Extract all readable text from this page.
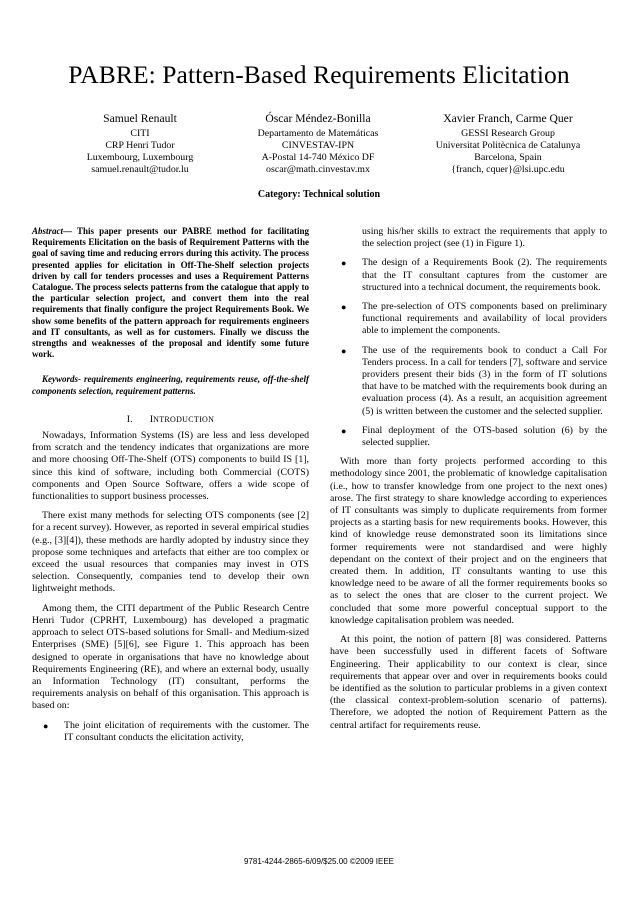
PABRE: Pattern-Based Requirements Elicitation
Samuel Renault
CITI
CRP Henri Tudor
Luxembourg, Luxembourg
samuel.renault@tudor.lu
Óscar Méndez-Bonilla
Departamento de Matemáticas
CINVESTAV-IPN
A-Postal 14-740 México DF
oscar@math.cinvestav.mx
Xavier Franch, Carme Quer
GESSI Research Group
Universitat Politècnica de Catalunya
Barcelona, Spain
{franch, cquer}@lsi.upc.edu
Category: Technical solution

Abstract— This paper presents our PABRE method for facilitating Requirements Elicitation on the basis of Requirement Patterns with the goal of saving time and reducing errors during this activity. The process presented applies for elicitation in Off-The-Shelf selection projects driven by call for tenders processes and uses a Requirement Patterns Catalogue. The process selects patterns from the catalogue that apply to the particular selection project, and convert them into the real requirements that finally configure the project Requirements Book. We show some benefits of the pattern approach for requirements engineers and IT consultants, as well as for customers. Finally we discuss the strengths and weaknesses of the proposal and identify some future work.

Keywords- requirements engineering, requirements reuse, off-the-shelf components selection, requirement patterns.

I. INTRODUCTION

Nowadays, Information Systems (IS) are less and less developed from scratch and the tendency indicates that organizations are more and more choosing Off-The-Shelf (OTS) components to build IS [1], since this kind of software, including both Commercial (COTS) components and Open Source Software, offers a wide scope of functionalities to support business processes.

There exist many methods for selecting OTS components (see [2] for a recent survey). However, as reported in several empirical studies (e.g., [3][4]), these methods are hardly adopted by industry since they propose some techniques and artefacts that either are too complex or exceed the usual resources that companies may invest in OTS selection. Consequently, companies tend to develop their own lightweight methods.

Among them, the CITI department of the Public Research Centre Henri Tudor (CPRHT, Luxembourg) has developed a pragmatic approach to select OTS-based solutions for Small- and Medium-sized Enterprises (SME) [5][6], see Figure 1. This approach has been designed to operate in organisations that have no knowledge about Requirements Engineering (RE), and where an external body, usually an Information Technology (IT) consultant, performs the requirements analysis on behalf of this organisation. This approach is based on:

● The joint elicitation of requirements with the customer. The IT consultant conducts the elicitation activity,
using his/her skills to extract the requirements that apply to the selection project (see (1) in Figure 1).
● The design of a Requirements Book (2). The requirements that the IT consultant captures from the customer are structured into a technical document, the requirements book.
● The pre-selection of OTS components based on preliminary functional requirements and availability of local providers able to implement the components.
● The use of the requirements book to conduct a Call For Tenders process. In a call for tenders [7], software and service providers present their bids (3) in the form of IT solutions that have to be matched with the requirements book during an evaluation process (4). As a result, an acquisition agreement (5) is written between the customer and the selected supplier.
● Final deployment of the OTS-based solution (6) by the selected supplier.

With more than forty projects performed according to this methodology since 2001, the problematic of knowledge capitalisation (i.e., how to transfer knowledge from one project to the next ones) arose. The first strategy to share knowledge according to experiences of IT consultants was simply to duplicate requirements from former projects as a starting basis for new requirements books. However, this kind of knowledge reuse demonstrated soon its limitations since former requirements were not standardised and were highly dependant on the context of their project and on the engineers that created them. In addition, IT consultants wanting to use this knowledge need to be aware of all the former requirements books so as to select the ones that are closer to the current project. We concluded that some more powerful conceptual support to the knowledge capitalisation problem was needed.

At this point, the notion of pattern [8] was considered. Patterns have been successfully used in different facets of Software Engineering. Their applicability to our context is clear, since requirements that appear over and over in requirements books could be identified as the solution to particular problems in a given context (the classical context-problem-solution scenario of patterns). Therefore, we adopted the notion of Requirement Pattern as the central artifact for requirements reuse.

9781-4244-2865-6/09/$25.00 ©2009 IEEE
